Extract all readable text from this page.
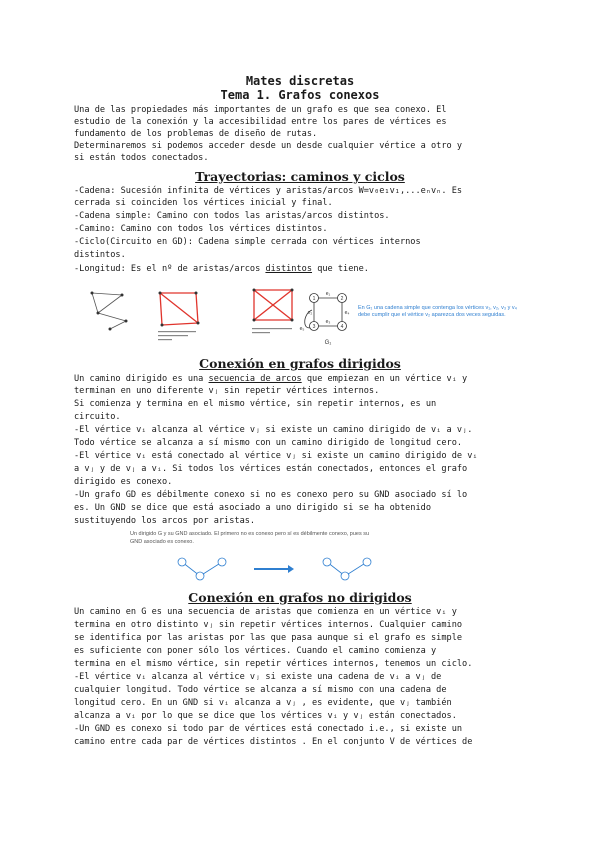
Mates discretas
Tema 1. Grafos conexos
Una de las propiedades más importantes de un grafo es que sea conexo. El
estudio de la conexión y la accesibilidad entre los pares de vértices es
fundamento de los problemas de diseño de rutas.
Determinaremos si podemos acceder desde un desde cualquier vértice a otro y
si están todos conectados.
Trayectorias: caminos y ciclos
-Cadena: Sucesión infinita de vértices y aristas/arcos W=v₀e₁v₁,...eₙvₙ. Es
cerrada si coinciden los vértices inicial y final.
-Cadena simple: Camino con todos las aristas/arcos distintos.
-Camino: Camino con todos los vértices distintos.
-Ciclo(Circuito en GD): Cadena simple cerrada con vértices internos
distintos.
-Longitud: Es el nº de aristas/arcos distintos que tiene.
1	2
3	4
e₁
e₂
e₃
e₄
e₅
G₁
En G₁ una cadena simple que contenga los vértices v₁, v₂, v₃ y v₄ debe cumplir que el vértice v₂ aparezca dos veces seguidas.
Conexión en grafos dirigidos
Un camino dirigido es una secuencia de arcos que empiezan en un vértice vᵢ y
terminan en uno diferente vⱼ sin repetir vértices internos.
Si comienza y termina en el mismo vértice, sin repetir internos, es un
circuito.
-El vértice vᵢ alcanza al vértice vⱼ si existe un camino dirigido de vᵢ a vⱼ.
Todo vértice se alcanza a sí mismo con un camino dirigido de longitud cero.
-El vértice vᵢ está conectado al vértice vⱼ si existe un camino dirigido de vᵢ
a vⱼ y de vⱼ a vᵢ. Si todos los vértices están conectados, entonces el grafo
dirigido es conexo.
-Un grafo GD es débilmente conexo si no es conexo pero su GND asociado sí lo
es. Un GND se dice que está asociado a uno dirigido si se ha obtenido
sustituyendo los arcos por aristas.
Un dirigido G y su GND asociado. El primero no es conexo pero sí es débilmente conexo, pues su
GND asociado es conexo.
Conexión en grafos no dirigidos
Un camino en G es una secuencia de aristas que comienza en un vértice vᵢ y
termina en otro distinto vⱼ sin repetir vértices internos. Cualquier camino
se identifica por las aristas por las que pasa aunque si el grafo es simple
es suficiente con poner sólo los vértices. Cuando el camino comienza y
termina en el mismo vértice, sin repetir vértices internos, tenemos un ciclo.
-El vértice vᵢ alcanza al vértice vⱼ si existe una cadena de vᵢ a vⱼ de
cualquier longitud. Todo vértice se alcanza a sí mismo con una cadena de
longitud cero. En un GND si vᵢ alcanza a vⱼ , es evidente, que vⱼ también
alcanza a vᵢ por lo que se dice que los vértices vᵢ y vⱼ están conectados.
-Un GND es conexo si todo par de vértices está conectado i.e., si existe un
camino entre cada par de vértices distintos . En el conjunto V de vértices de
